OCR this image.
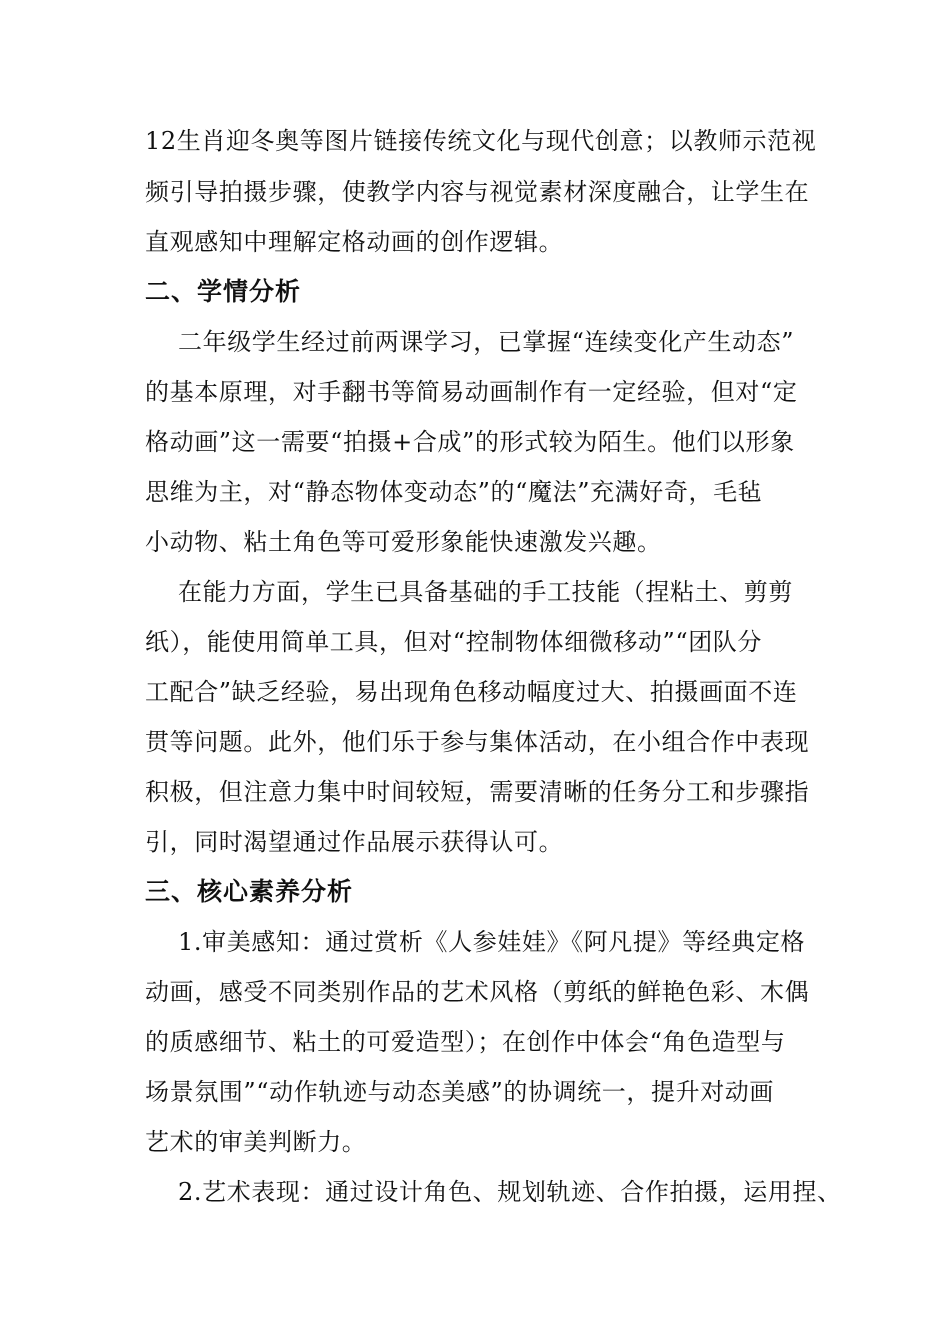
12生肖迎冬奥等图片链接传统文化与现代创意；以教师示范视
频引导拍摄步骤，使教学内容与视觉素材深度融合，让学生在
直观感知中理解定格动画的创作逻辑。
二、学情分析
二年级学生经过前两课学习，已掌握“连续变化产生动态”
的基本原理，对手翻书等简易动画制作有一定经验，但对“定
格动画”这一需要“拍摄+合成”的形式较为陌生。他们以形象
思维为主，对“静态物体变动态”的“魔法”充满好奇，毛毡
小动物、粘土角色等可爱形象能快速激发兴趣。
在能力方面，学生已具备基础的手工技能（捏粘土、剪剪
纸），能使用简单工具，但对“控制物体细微移动”“团队分
工配合”缺乏经验，易出现角色移动幅度过大、拍摄画面不连
贯等问题。此外，他们乐于参与集体活动，在小组合作中表现
积极，但注意力集中时间较短，需要清晰的任务分工和步骤指
引，同时渴望通过作品展示获得认可。
三、核心素养分析
1.审美感知：通过赏析《人参娃娃》《阿凡提》等经典定格
动画，感受不同类别作品的艺术风格（剪纸的鲜艳色彩、木偶
的质感细节、粘土的可爱造型）；在创作中体会“角色造型与
场景氛围”“动作轨迹与动态美感”的协调统一，提升对动画
艺术的审美判断力。
2.艺术表现：通过设计角色、规划轨迹、合作拍摄，运用捏、
